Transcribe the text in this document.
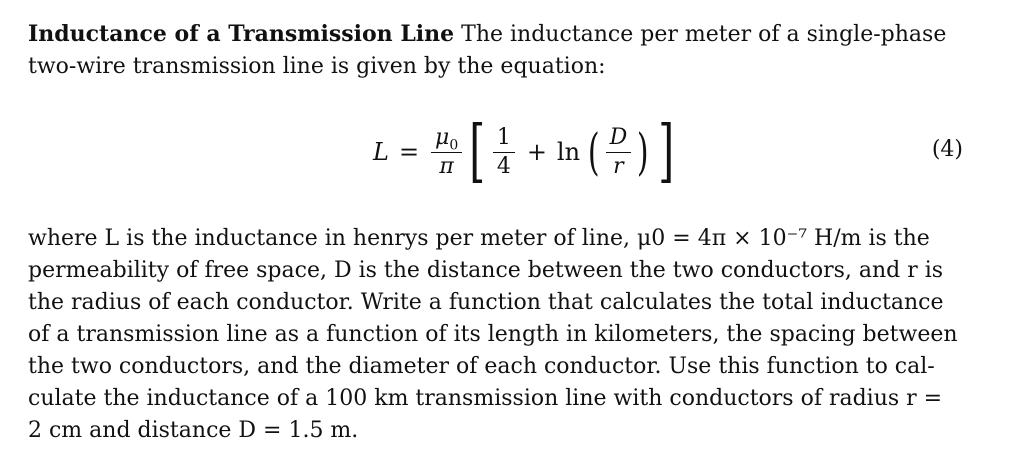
Inductance of a Transmission Line The inductance per meter of a single-phase
two-wire transmission line is given by the equation:

$L = \frac{\mu_0}{\pi}$ [ $\frac{1}{4} + \ln$ ( $\frac{D}{r}$ ) ]	(4)

where L is the inductance in henrys per meter of line, μ0 = 4π × 10⁻⁷ H/m is the
permeability of free space, D is the distance between the two conductors, and r is
the radius of each conductor. Write a function that calculates the total inductance
of a transmission line as a function of its length in kilometers, the spacing between
the two conductors, and the diameter of each conductor. Use this function to cal-
culate the inductance of a 100 km transmission line with conductors of radius r =
2 cm and distance D = 1.5 m.
